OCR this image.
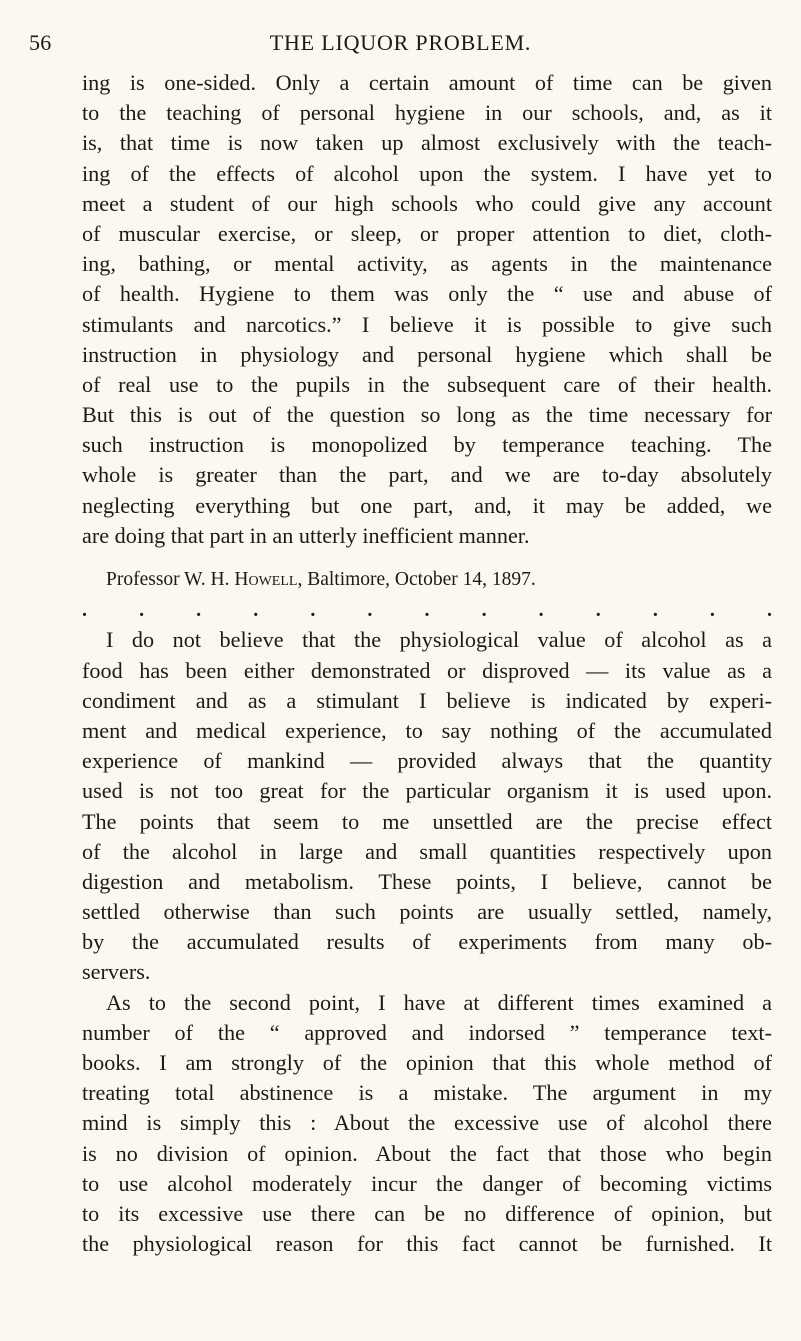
56	THE LIQUOR PROBLEM.
ing is one-sided. Only a certain amount of time can be given
to the teaching of personal hygiene in our schools, and, as it
is, that time is now taken up almost exclusively with the teach-
ing of the effects of alcohol upon the system. I have yet to
meet a student of our high schools who could give any account
of muscular exercise, or sleep, or proper attention to diet, cloth-
ing, bathing, or mental activity, as agents in the maintenance
of health. Hygiene to them was only the “ use and abuse of
stimulants and narcotics.” I believe it is possible to give such
instruction in physiology and personal hygiene which shall be
of real use to the pupils in the subsequent care of their health.
But this is out of the question so long as the time necessary for
such instruction is monopolized by temperance teaching. The
whole is greater than the part, and we are to-day absolutely
neglecting everything but one part, and, it may be added, we
are doing that part in an utterly inefficient manner.
Professor W. H. Howell, Baltimore, October 14, 1897.
. . . . . . . . . . . . .
I do not believe that the physiological value of alcohol as a
food has been either demonstrated or disproved — its value as a
condiment and as a stimulant I believe is indicated by experi-
ment and medical experience, to say nothing of the accumulated
experience of mankind — provided always that the quantity
used is not too great for the particular organism it is used upon.
The points that seem to me unsettled are the precise effect
of the alcohol in large and small quantities respectively upon
digestion and metabolism. These points, I believe, cannot be
settled otherwise than such points are usually settled, namely,
by the accumulated results of experiments from many ob-
servers.
As to the second point, I have at different times examined a
number of the “ approved and indorsed ” temperance text-
books. I am strongly of the opinion that this whole method of
treating total abstinence is a mistake. The argument in my
mind is simply this : About the excessive use of alcohol there
is no division of opinion. About the fact that those who begin
to use alcohol moderately incur the danger of becoming victims
to its excessive use there can be no difference of opinion, but
the physiological reason for this fact cannot be furnished. It
